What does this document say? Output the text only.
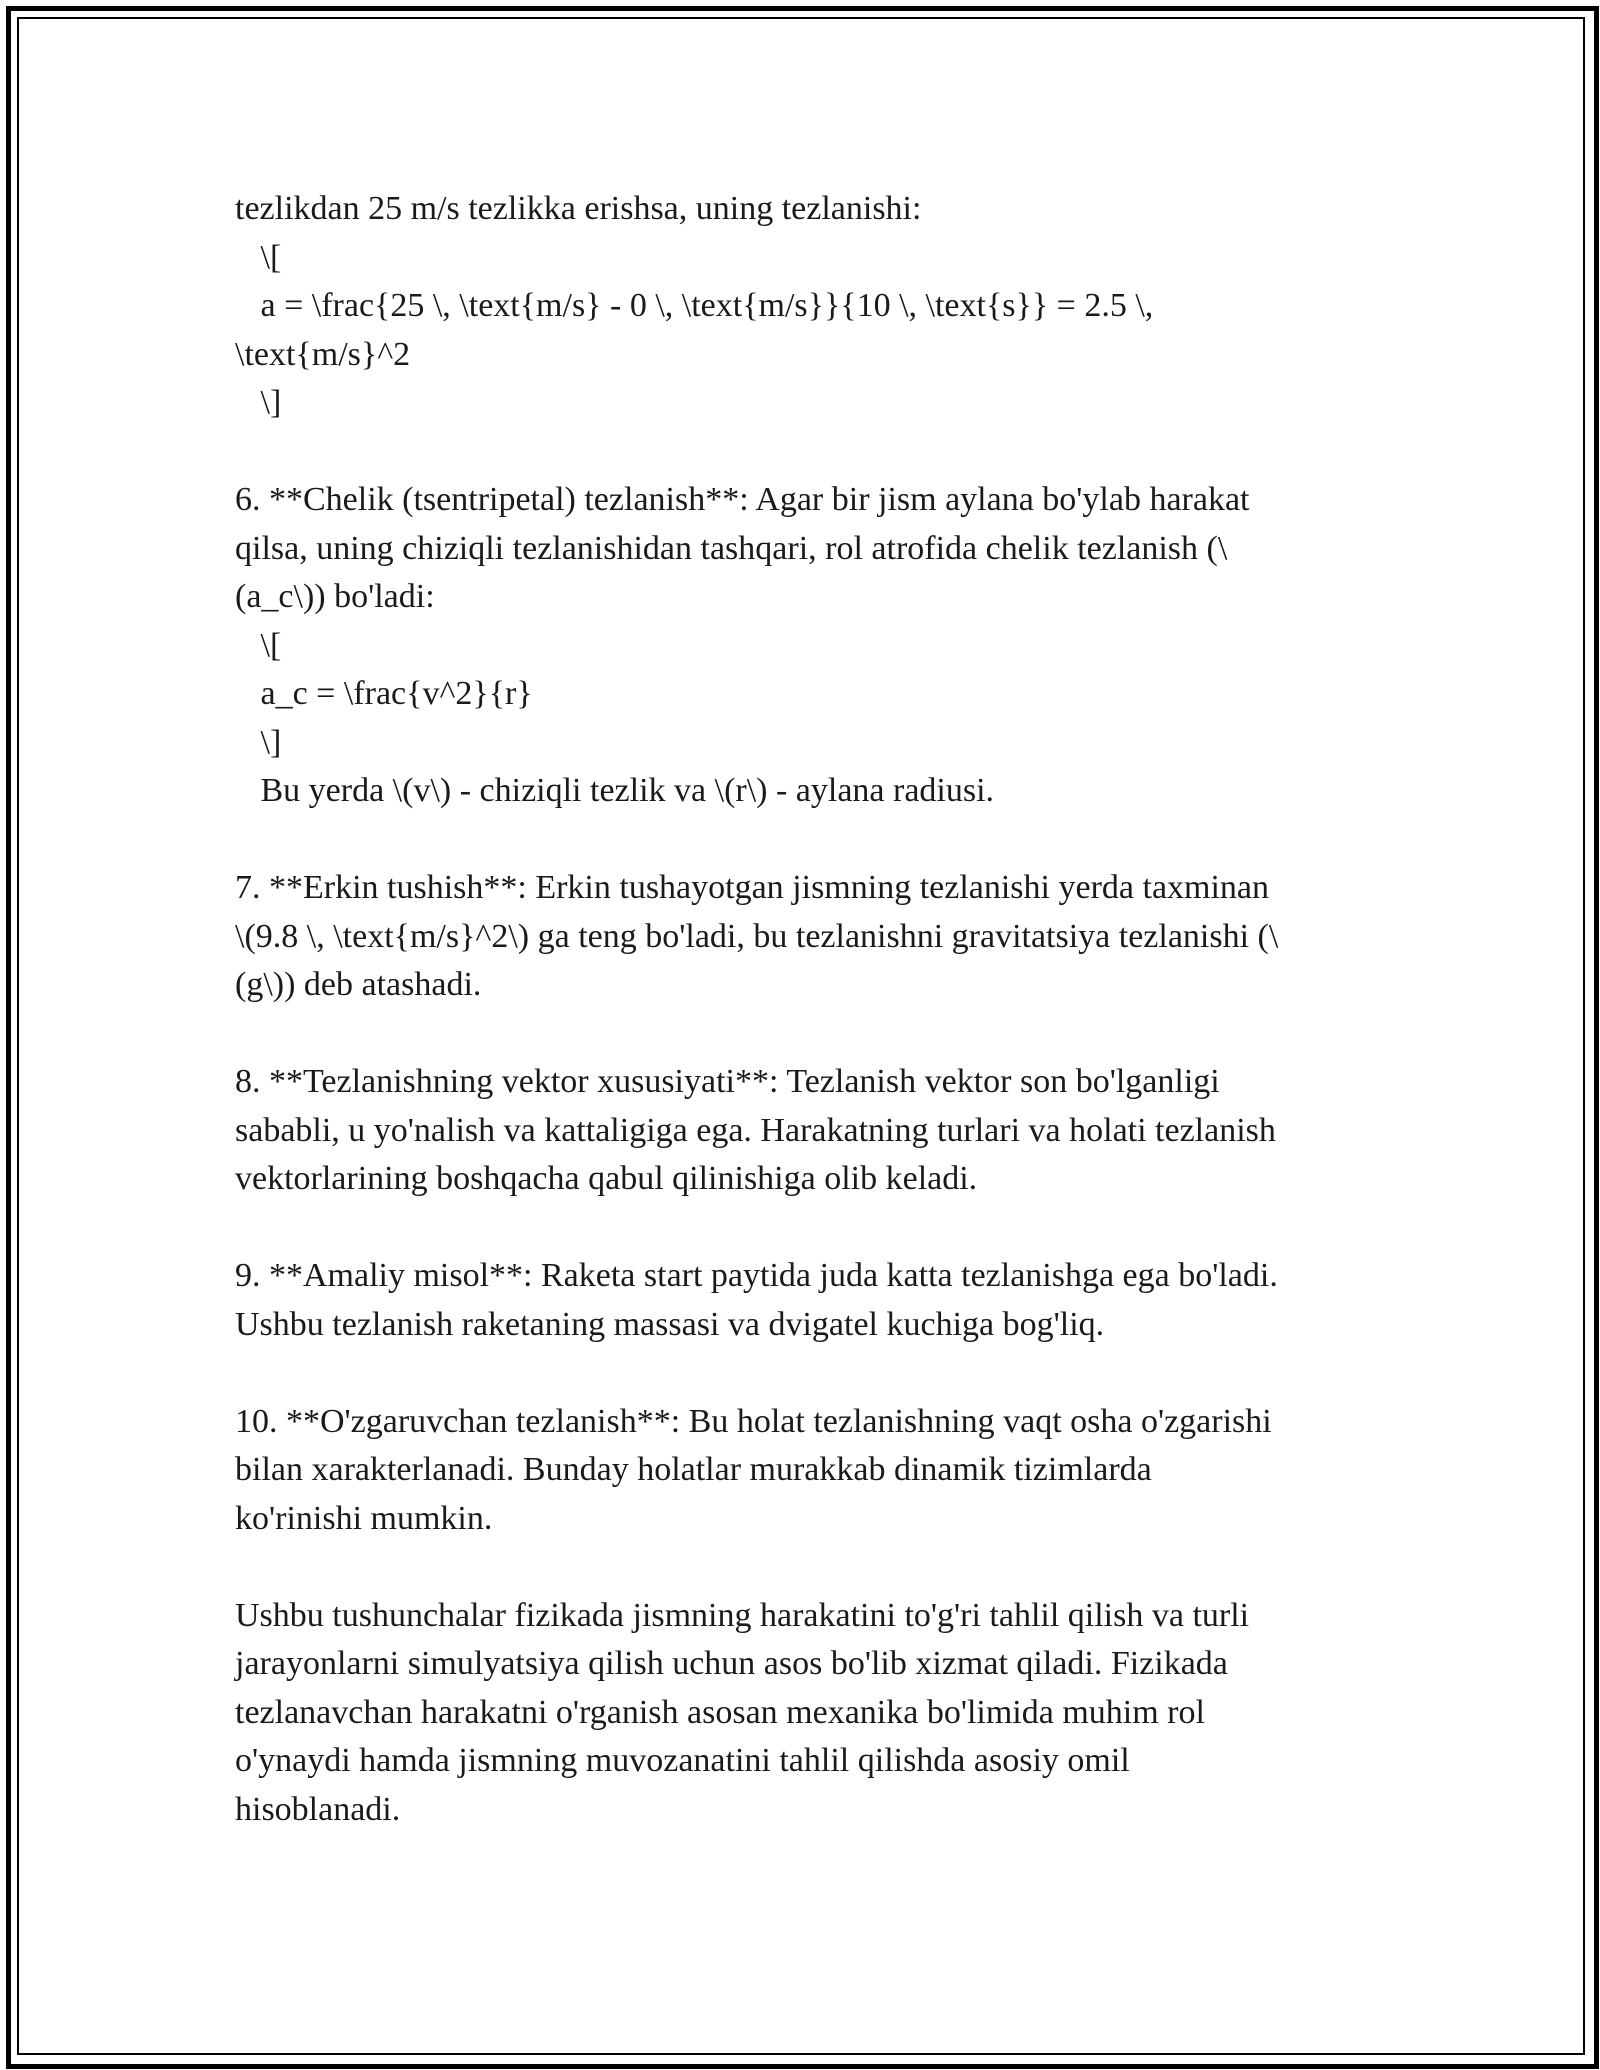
tezlikdan 25 m/s tezlikka erishsa, uning tezlanishi:
\[
a = \frac{25 \, \text{m/s} - 0 \, \text{m/s}}{10 \, \text{s}} = 2.5 \,
\text{m/s}^2
\]
6. **Chelik (tsentripetal) tezlanish**: Agar bir jism aylana bo'ylab harakat
qilsa, uning chiziqli tezlanishidan tashqari, rol atrofida chelik tezlanish (\
(a_c\)) bo'ladi:
\[
a_c = \frac{v^2}{r}
\]
Bu yerda \(v\) - chiziqli tezlik va \(r\) - aylana radiusi.
7. **Erkin tushish**: Erkin tushayotgan jismning tezlanishi yerda taxminan
\(9.8 \, \text{m/s}^2\) ga teng bo'ladi, bu tezlanishni gravitatsiya tezlanishi (\
(g\)) deb atashadi.
8. **Tezlanishning vektor xususiyati**: Tezlanish vektor son bo'lganligi
sababli, u yo'nalish va kattaligiga ega. Harakatning turlari va holati tezlanish
vektorlarining boshqacha qabul qilinishiga olib keladi.
9. **Amaliy misol**: Raketa start paytida juda katta tezlanishga ega bo'ladi.
Ushbu tezlanish raketaning massasi va dvigatel kuchiga bog'liq.
10. **O'zgaruvchan tezlanish**: Bu holat tezlanishning vaqt osha o'zgarishi
bilan xarakterlanadi. Bunday holatlar murakkab dinamik tizimlarda
ko'rinishi mumkin.
Ushbu tushunchalar fizikada jismning harakatini to'g'ri tahlil qilish va turli
jarayonlarni simulyatsiya qilish uchun asos bo'lib xizmat qiladi. Fizikada
tezlanavchan harakatni o'rganish asosan mexanika bo'limida muhim rol
o'ynaydi hamda jismning muvozanatini tahlil qilishda asosiy omil
hisoblanadi.
